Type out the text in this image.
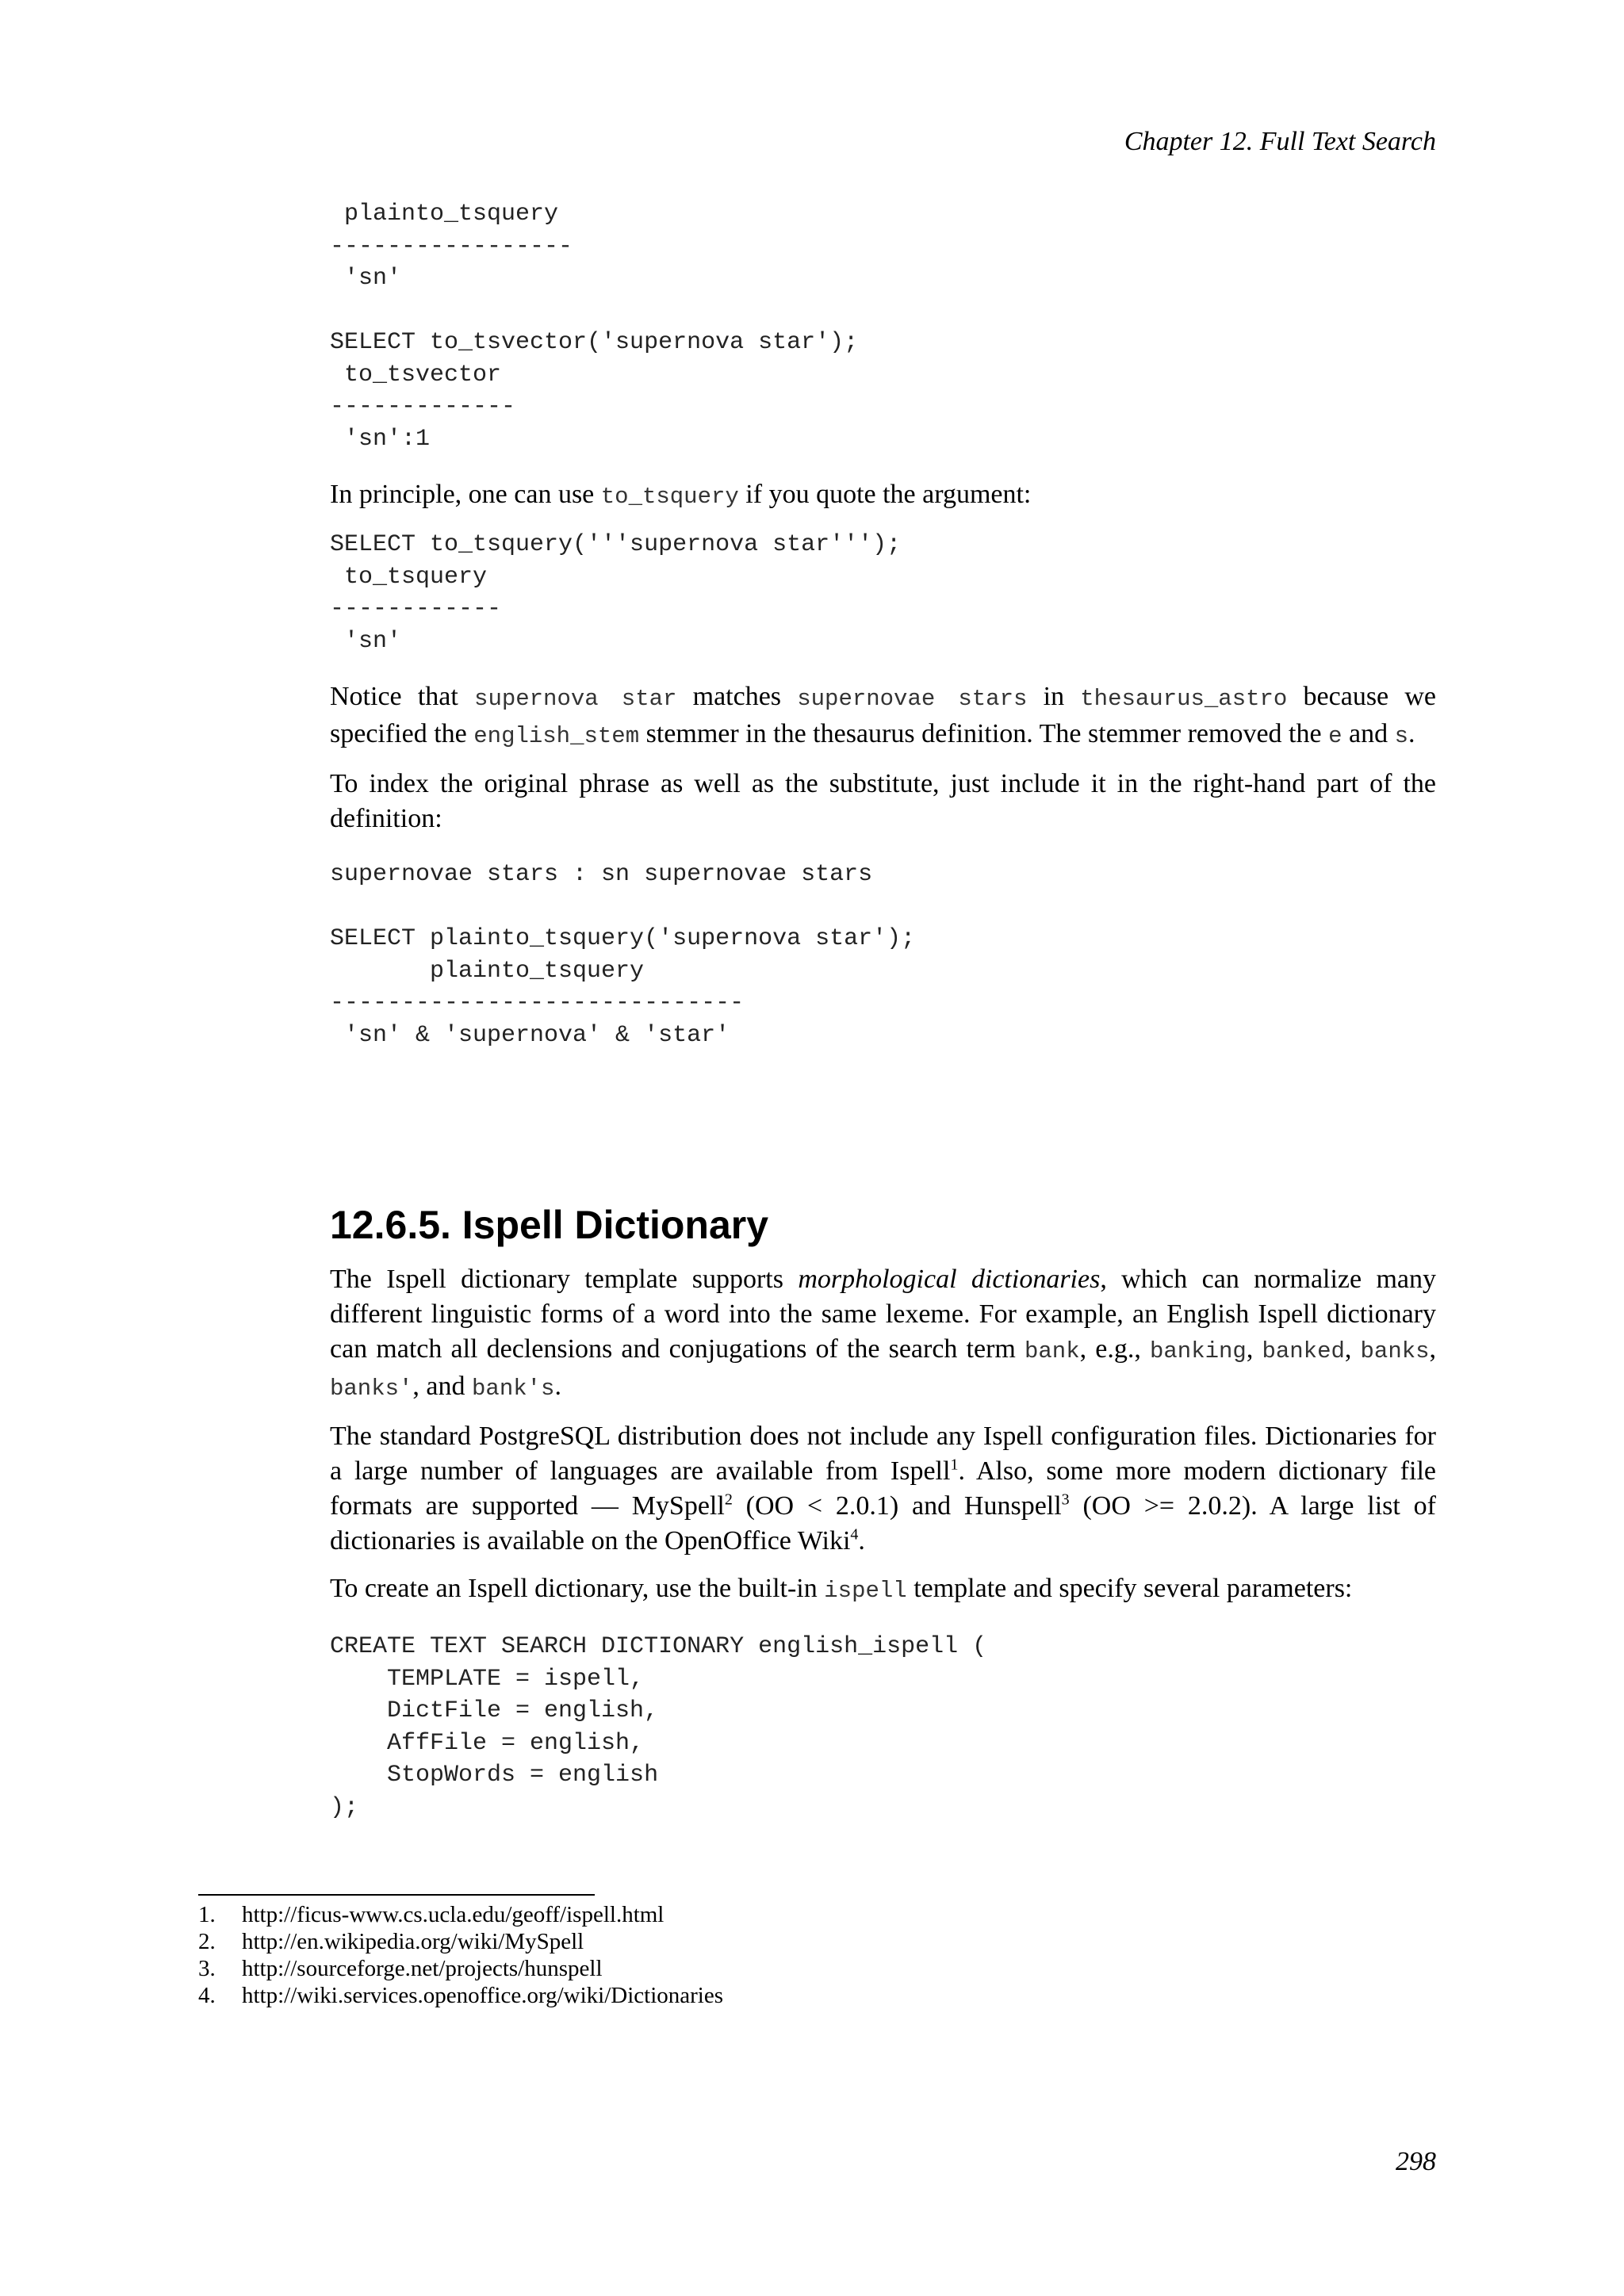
Chapter 12. Full Text Search
plainto_tsquery
-----------------
'sn'

SELECT to_tsvector('supernova star');
to_tsvector
-------------
'sn':1

In principle, one can use to_tsquery if you quote the argument:

SELECT to_tsquery('''supernova star''');
to_tsquery
------------
'sn'

Notice that supernova star matches supernovae stars in thesaurus_astro because we specified the english_stem stemmer in the thesaurus definition. The stemmer removed the e and s.

To index the original phrase as well as the substitute, just include it in the right-hand part of the definition:

supernovae stars : sn supernovae stars

SELECT plainto_tsquery('supernova star');
plainto_tsquery
-----------------------------
'sn' & 'supernova' & 'star'
12.6.5. Ispell Dictionary

The Ispell dictionary template supports morphological dictionaries, which can normalize many different linguistic forms of a word into the same lexeme. For example, an English Ispell dictionary can match all declensions and conjugations of the search term bank, e.g., banking, banked, banks, banks', and bank's.

The standard PostgreSQL distribution does not include any Ispell configuration files. Dictionaries for a large number of languages are available from Ispell$^1$. Also, some more modern dictionary file formats are supported — MySpell$^2$ (OO < 2.0.1) and Hunspell$^3$ (OO >= 2.0.2). A large list of dictionaries is available on the OpenOffice Wiki$^4$.

To create an Ispell dictionary, use the built-in ispell template and specify several parameters:

CREATE TEXT SEARCH DICTIONARY english_ispell (
TEMPLATE = ispell,
DictFile = english,
AffFile = english,
StopWords = english
);
1.	http://ficus-www.cs.ucla.edu/geoff/ispell.html
2.	http://en.wikipedia.org/wiki/MySpell
3.	http://sourceforge.net/projects/hunspell
4.	http://wiki.services.openoffice.org/wiki/Dictionaries
298
